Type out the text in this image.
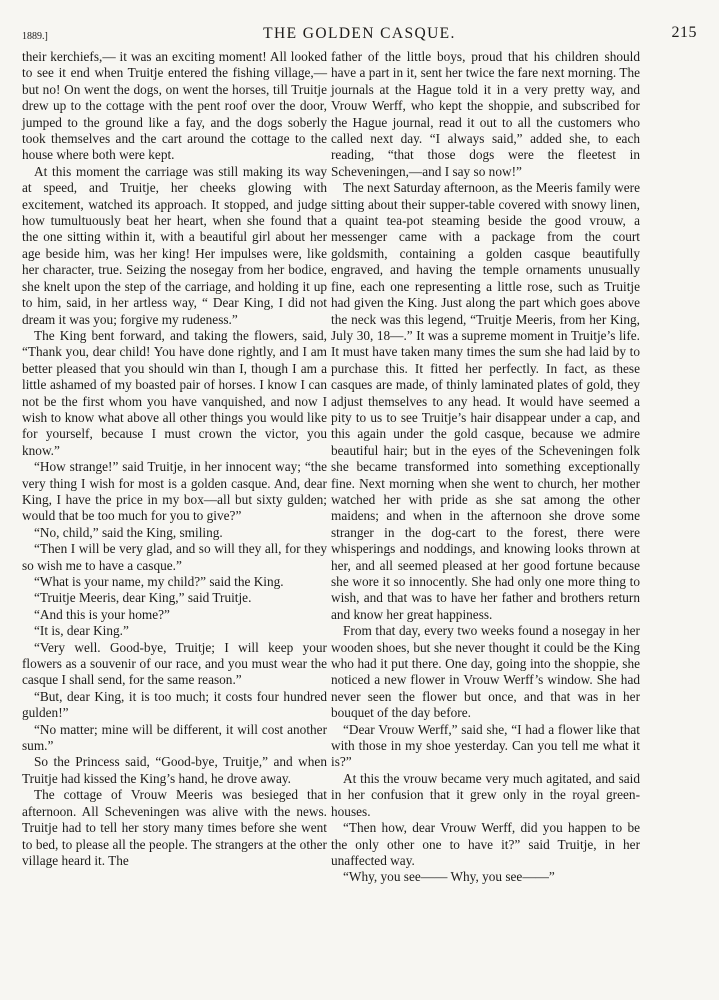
1889.]	THE GOLDEN CASQUE.	215

their kerchiefs,— it was an exciting moment! All looked to see it end when Truitje entered the fishing village,— but no! On went the dogs, on went the horses, till Truitje drew up to the cottage with the pent roof over the door, jumped to the ground like a fay, and the dogs soberly took themselves and the cart around the cottage to the house where both were kept.

At this moment the carriage was still making its way at speed, and Truitje, her cheeks glowing with excitement, watched its approach. It stopped, and judge how tumultuously beat her heart, when she found that the one sitting within it, with a beautiful girl about her age beside him, was her king! Her impulses were, like her character, true. Seizing the nosegay from her bodice, she knelt upon the step of the carriage, and holding it up to him, said, in her artless way, “ Dear King, I did not dream it was you; forgive my rudeness.”

The King bent forward, and taking the flowers, said, “Thank you, dear child! You have done rightly, and I am better pleased that you should win than I, though I am a little ashamed of my boasted pair of horses. I know I can not be the first whom you have vanquished, and now I wish to know what above all other things you would like for yourself, because I must crown the victor, you know.”

“How strange!” said Truitje, in her innocent way; “the very thing I wish for most is a golden casque. And, dear King, I have the price in my box—all but sixty gulden; would that be too much for you to give?”

“No, child,” said the King, smiling.

“Then I will be very glad, and so will they all, for they so wish me to have a casque.”

“What is your name, my child?” said the King.

“Truitje Meeris, dear King,” said Truitje.

“And this is your home?”

“It is, dear King.”

“Very well. Good-bye, Truitje; I will keep your flowers as a souvenir of our race, and you must wear the casque I shall send, for the same reason.”

“But, dear King, it is too much; it costs four hundred gulden!”

“No matter; mine will be different, it will cost another sum.”

So the Princess said, “Good-bye, Truitje,” and when Truitje had kissed the King’s hand, he drove away.

The cottage of Vrouw Meeris was besieged that afternoon. All Scheveningen was alive with the news. Truitje had to tell her story many times before she went to bed, to please all the people. The strangers at the other village heard it. The

father of the little boys, proud that his children should have a part in it, sent her twice the fare next morning. The journals at the Hague told it in a very pretty way, and Vrouw Werff, who kept the shoppie, and subscribed for the Hague journal, read it out to all the customers who called next day. “I always said,” added she, to each reading, “that those dogs were the fleetest in Scheveningen,—and I say so now!”

The next Saturday afternoon, as the Meeris family were sitting about their supper-table covered with snowy linen, a quaint tea-pot steaming beside the good vrouw, a messenger came with a package from the court goldsmith, containing a golden casque beautifully engraved, and having the temple ornaments unusually fine, each one representing a little rose, such as Truitje had given the King. Just along the part which goes above the neck was this legend, “Truitje Meeris, from her King, July 30, 18—.” It was a supreme moment in Truitje’s life. It must have taken many times the sum she had laid by to purchase this. It fitted her perfectly. In fact, as these casques are made, of thinly laminated plates of gold, they adjust themselves to any head. It would have seemed a pity to us to see Truitje’s hair disappear under a cap, and this again under the gold casque, because we admire beautiful hair; but in the eyes of the Scheveningen folk she became transformed into something exceptionally fine. Next morning when she went to church, her mother watched her with pride as she sat among the other maidens; and when in the afternoon she drove some stranger in the dog-cart to the forest, there were whisperings and noddings, and knowing looks thrown at her, and all seemed pleased at her good fortune because she wore it so innocently. She had only one more thing to wish, and that was to have her father and brothers return and know her great happiness.

From that day, every two weeks found a nosegay in her wooden shoes, but she never thought it could be the King who had it put there. One day, going into the shoppie, she noticed a new flower in Vrouw Werff’s window. She had never seen the flower but once, and that was in her bouquet of the day before.

“Dear Vrouw Werff,” said she, “I had a flower like that with those in my shoe yesterday. Can you tell me what it is?”

At this the vrouw became very much agitated, and said in her confusion that it grew only in the royal green-houses.

“Then how, dear Vrouw Werff, did you happen to be the only other one to have it?” said Truitje, in her unaffected way.

“Why, you see—— Why, you see——”
